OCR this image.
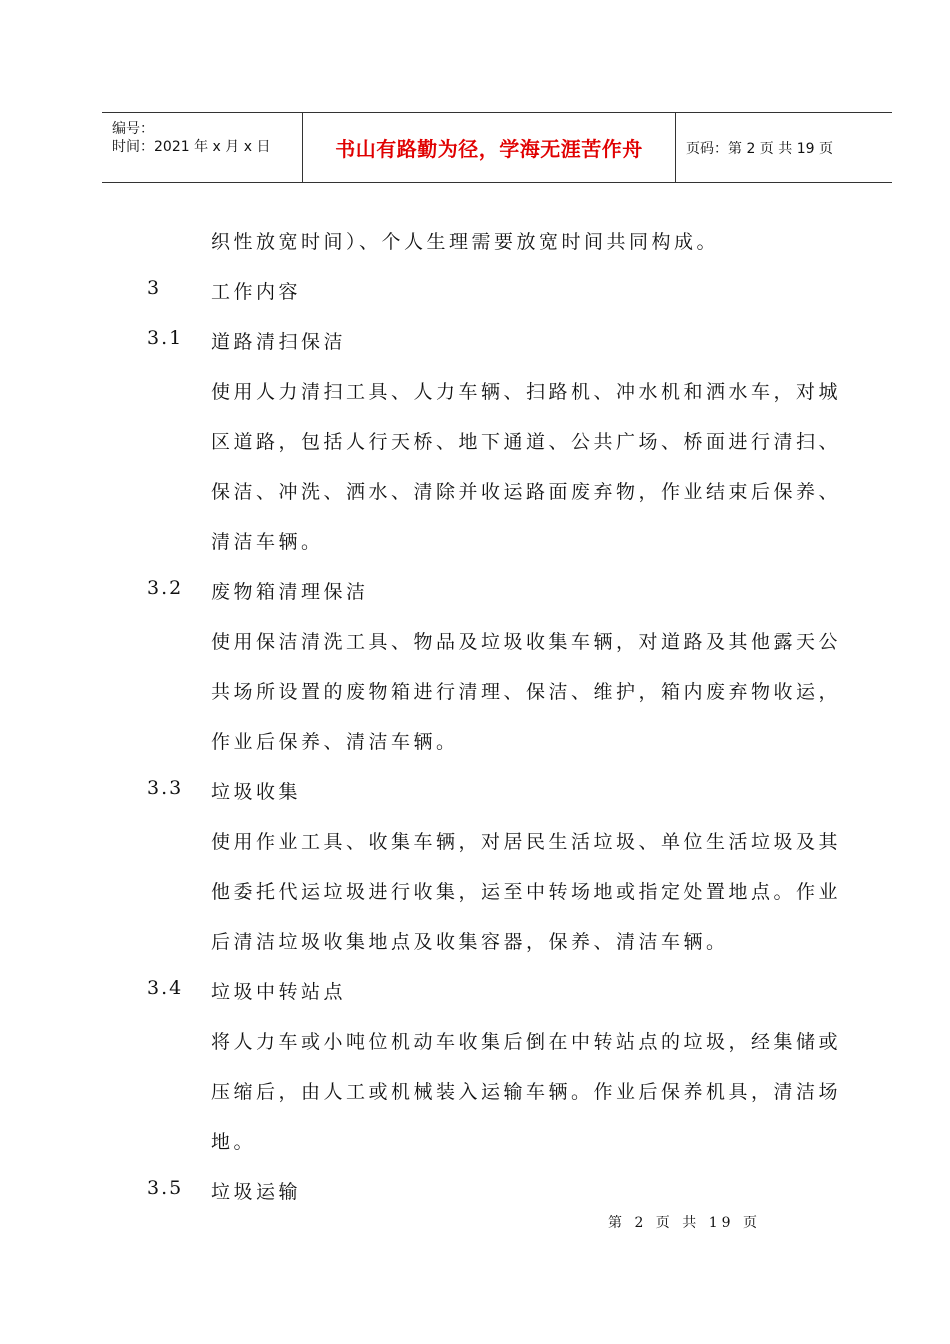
编号：
时间：2021 年 x 月 x 日	书山有路勤为径，学海无涯苦作舟	页码：第 2 页 共 19 页
织性放宽时间）、个人生理需要放宽时间共同构成。
3	工作内容
3.1 道路清扫保洁
使用人力清扫工具、人力车辆、扫路机、冲水机和洒水车，对城
区道路，包括人行天桥、地下通道、公共广场、桥面进行清扫、
保洁、冲洗、洒水、清除并收运路面废弃物，作业结束后保养、
清洁车辆。
3.2 废物箱清理保洁
使用保洁清洗工具、物品及垃圾收集车辆，对道路及其他露天公
共场所设置的废物箱进行清理、保洁、维护，箱内废弃物收运，
作业后保养、清洁车辆。
3.3 垃圾收集
使用作业工具、收集车辆，对居民生活垃圾、单位生活垃圾及其
他委托代运垃圾进行收集，运至中转场地或指定处置地点。作业
后清洁垃圾收集地点及收集容器，保养、清洁车辆。
3.4 垃圾中转站点
将人力车或小吨位机动车收集后倒在中转站点的垃圾，经集储或
压缩后，由人工或机械装入运输车辆。作业后保养机具，清洁场
地。
3.5 垃圾运输
第 2 页 共 19 页
